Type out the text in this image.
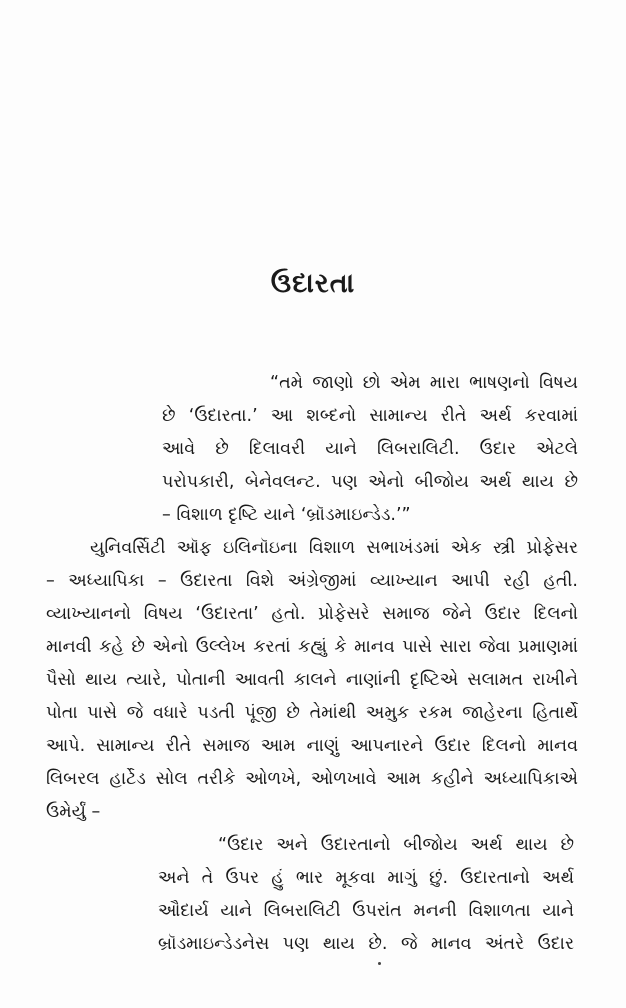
ઉદારતા
“તમે જાણો છો એમ મારા ભાષણનો વિષય
છે ‘ઉદારતા.’ આ શબ્દનો સામાન્ય રીતે અર્થ કરવામાં
આવે છે દિલાવરી યાને લિબરાલિટી. ઉદાર એટલે
પરોપકારી, બેનેવલન્ટ. પણ એનો બીજોય અર્થ થાય છે
– વિશાળ દૃષ્ટિ યાને ‘બ્રૉડમાઇન્ડેડ.’”
યુનિવર્સિટી ઑફ ઇલિનૉઇના વિશાળ સભાખંડમાં એક સ્ત્રી પ્રોફેસર
– અધ્યાપિકા – ઉદારતા વિશે અંગ્રેજીમાં વ્યાખ્યાન આપી રહી હતી.
વ્યાખ્યાનનો વિષય ‘ઉદારતા’ હતો. પ્રોફેસરે સમાજ જેને ઉદાર દિલનો
માનવી કહે છે એનો ઉલ્લેખ કરતાં કહ્યું કે માનવ પાસે સારા જેવા પ્રમાણમાં
પૈસો થાય ત્યારે, પોતાની આવતી કાલને નાણાંની દૃષ્ટિએ સલામત રાખીને
પોતા પાસે જે વધારે પડતી પૂંજી છે તેમાંથી અમુક રકમ જાહેરના હિતાર્થે
આપે. સામાન્ય રીતે સમાજ આમ નાણું આપનારને ઉદાર દિલનો માનવ
લિબરલ હાર્ટેડ સોલ તરીકે ઓળખે, ઓળખાવે આમ કહીને અધ્યાપિકાએ
ઉમેર્યું –
“ઉદાર અને ઉદારતાનો બીજોય અર્થ થાય છે
અને તે ઉપર હું ભાર મૂકવા માગું છું. ઉદારતાનો અર્થ
ઔદાર્ય યાને લિબરાલિટી ઉપરાંત મનની વિશાળતા યાને
બ્રૉડમાઇન્ડેડનેસ પણ થાય છે. જે માનવ અંતરે ઉદાર
